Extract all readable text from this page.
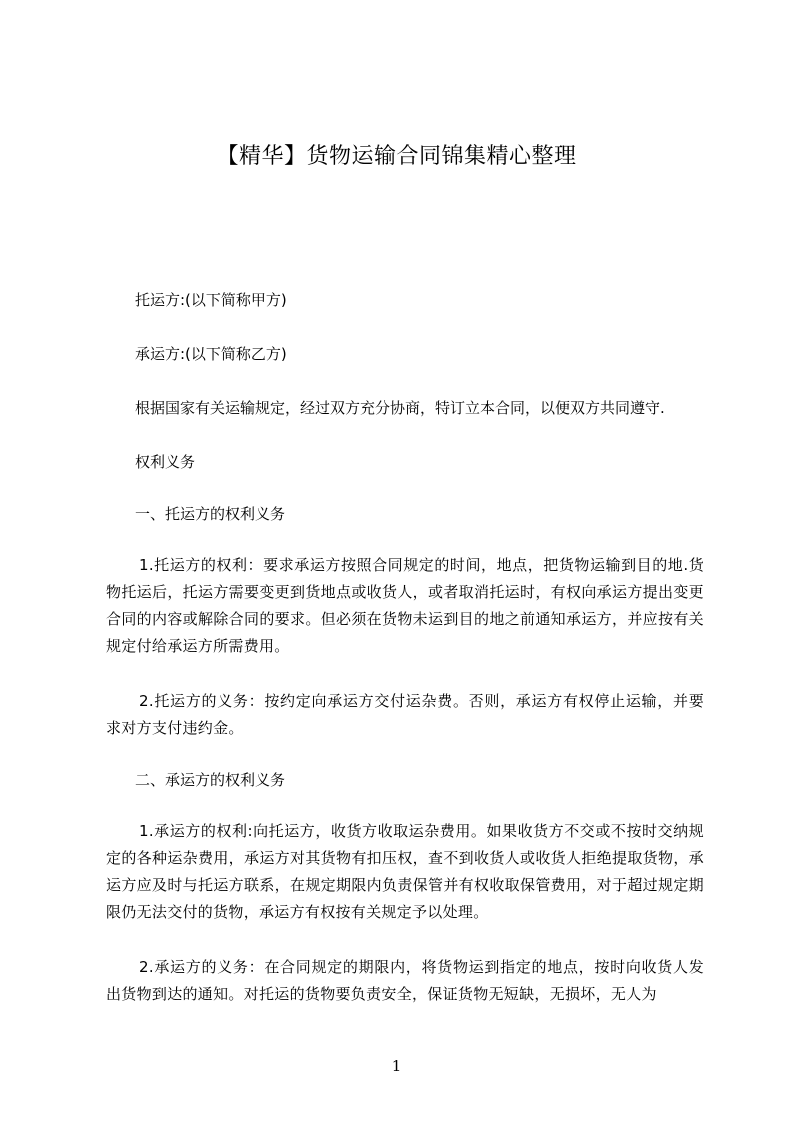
【精华】货物运输合同锦集精心整理

托运方:(以下简称甲方)

承运方:(以下简称乙方)

根据国家有关运输规定，经过双方充分协商，特订立本合同，以便双方共同遵守.

权利义务

一、托运方的权利义务

1.托运方的权利：要求承运方按照合同规定的时间，地点，把货物运输到目的地.货物托运后，托运方需要变更到货地点或收货人，或者取消托运时，有权向承运方提出变更合同的内容或解除合同的要求。但必须在货物未运到目的地之前通知承运方，并应按有关规定付给承运方所需费用。

2.托运方的义务：按约定向承运方交付运杂费。否则，承运方有权停止运输，并要求对方支付违约金。

二、承运方的权利义务

1.承运方的权利:向托运方，收货方收取运杂费用。如果收货方不交或不按时交纳规定的各种运杂费用，承运方对其货物有扣压权，查不到收货人或收货人拒绝提取货物，承运方应及时与托运方联系，在规定期限内负责保管并有权收取保管费用，对于超过规定期限仍无法交付的货物，承运方有权按有关规定予以处理。

2.承运方的义务：在合同规定的期限内，将货物运到指定的地点，按时向收货人发出货物到达的通知。对托运的货物要负责安全，保证货物无短缺，无损坏，无人为

1
